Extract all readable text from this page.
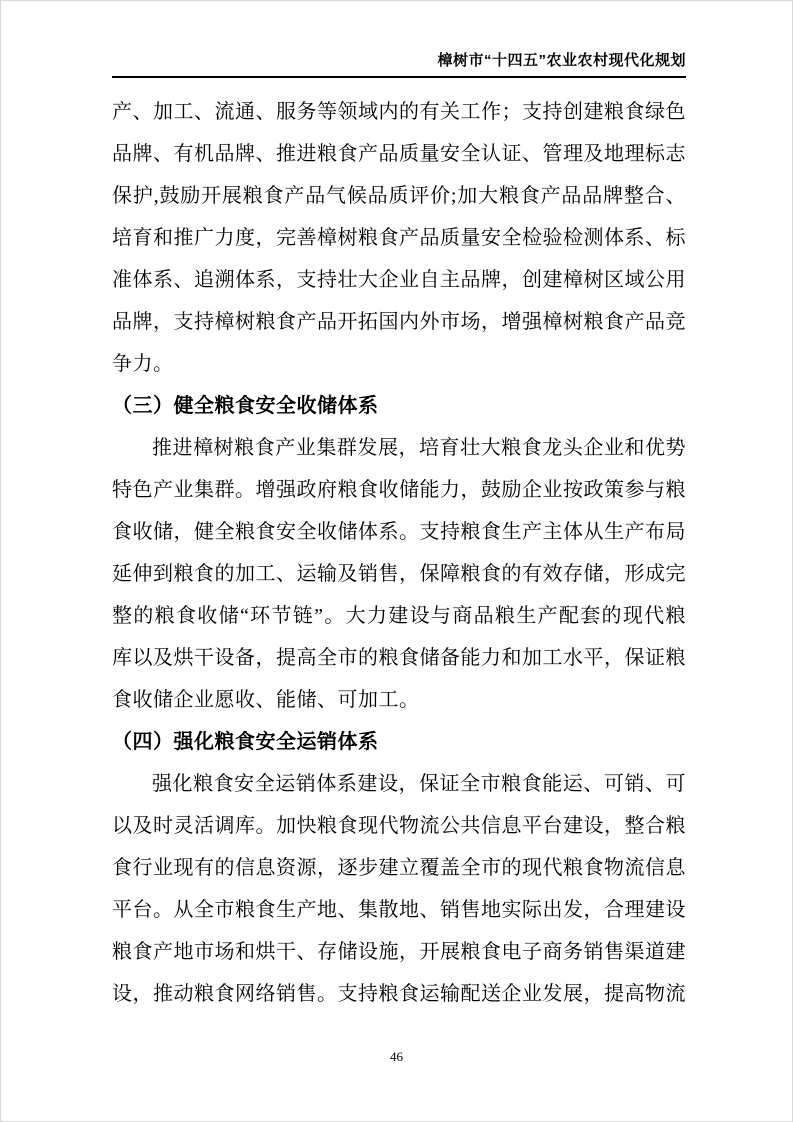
樟树市“十四五”农业农村现代化规划
产、加工、流通、服务等领域内的有关工作；支持创建粮食绿色
品牌、有机品牌、推进粮食产品质量安全认证、管理及地理标志
保护,鼓励开展粮食产品气候品质评价;加大粮食产品品牌整合、
培育和推广力度，完善樟树粮食产品质量安全检验检测体系、标
准体系、追溯体系，支持壮大企业自主品牌，创建樟树区域公用
品牌，支持樟树粮食产品开拓国内外市场，增强樟树粮食产品竞
争力。
（三）健全粮食安全收储体系
推进樟树粮食产业集群发展，培育壮大粮食龙头企业和优势
特色产业集群。增强政府粮食收储能力，鼓励企业按政策参与粮
食收储，健全粮食安全收储体系。支持粮食生产主体从生产布局
延伸到粮食的加工、运输及销售，保障粮食的有效存储，形成完
整的粮食收储“环节链”。大力建设与商品粮生产配套的现代粮
库以及烘干设备，提高全市的粮食储备能力和加工水平，保证粮
食收储企业愿收、能储、可加工。
（四）强化粮食安全运销体系
强化粮食安全运销体系建设，保证全市粮食能运、可销、可
以及时灵活调库。加快粮食现代物流公共信息平台建设，整合粮
食行业现有的信息资源，逐步建立覆盖全市的现代粮食物流信息
平台。从全市粮食生产地、集散地、销售地实际出发，合理建设
粮食产地市场和烘干、存储设施，开展粮食电子商务销售渠道建
设，推动粮食网络销售。支持粮食运输配送企业发展，提高物流
46
